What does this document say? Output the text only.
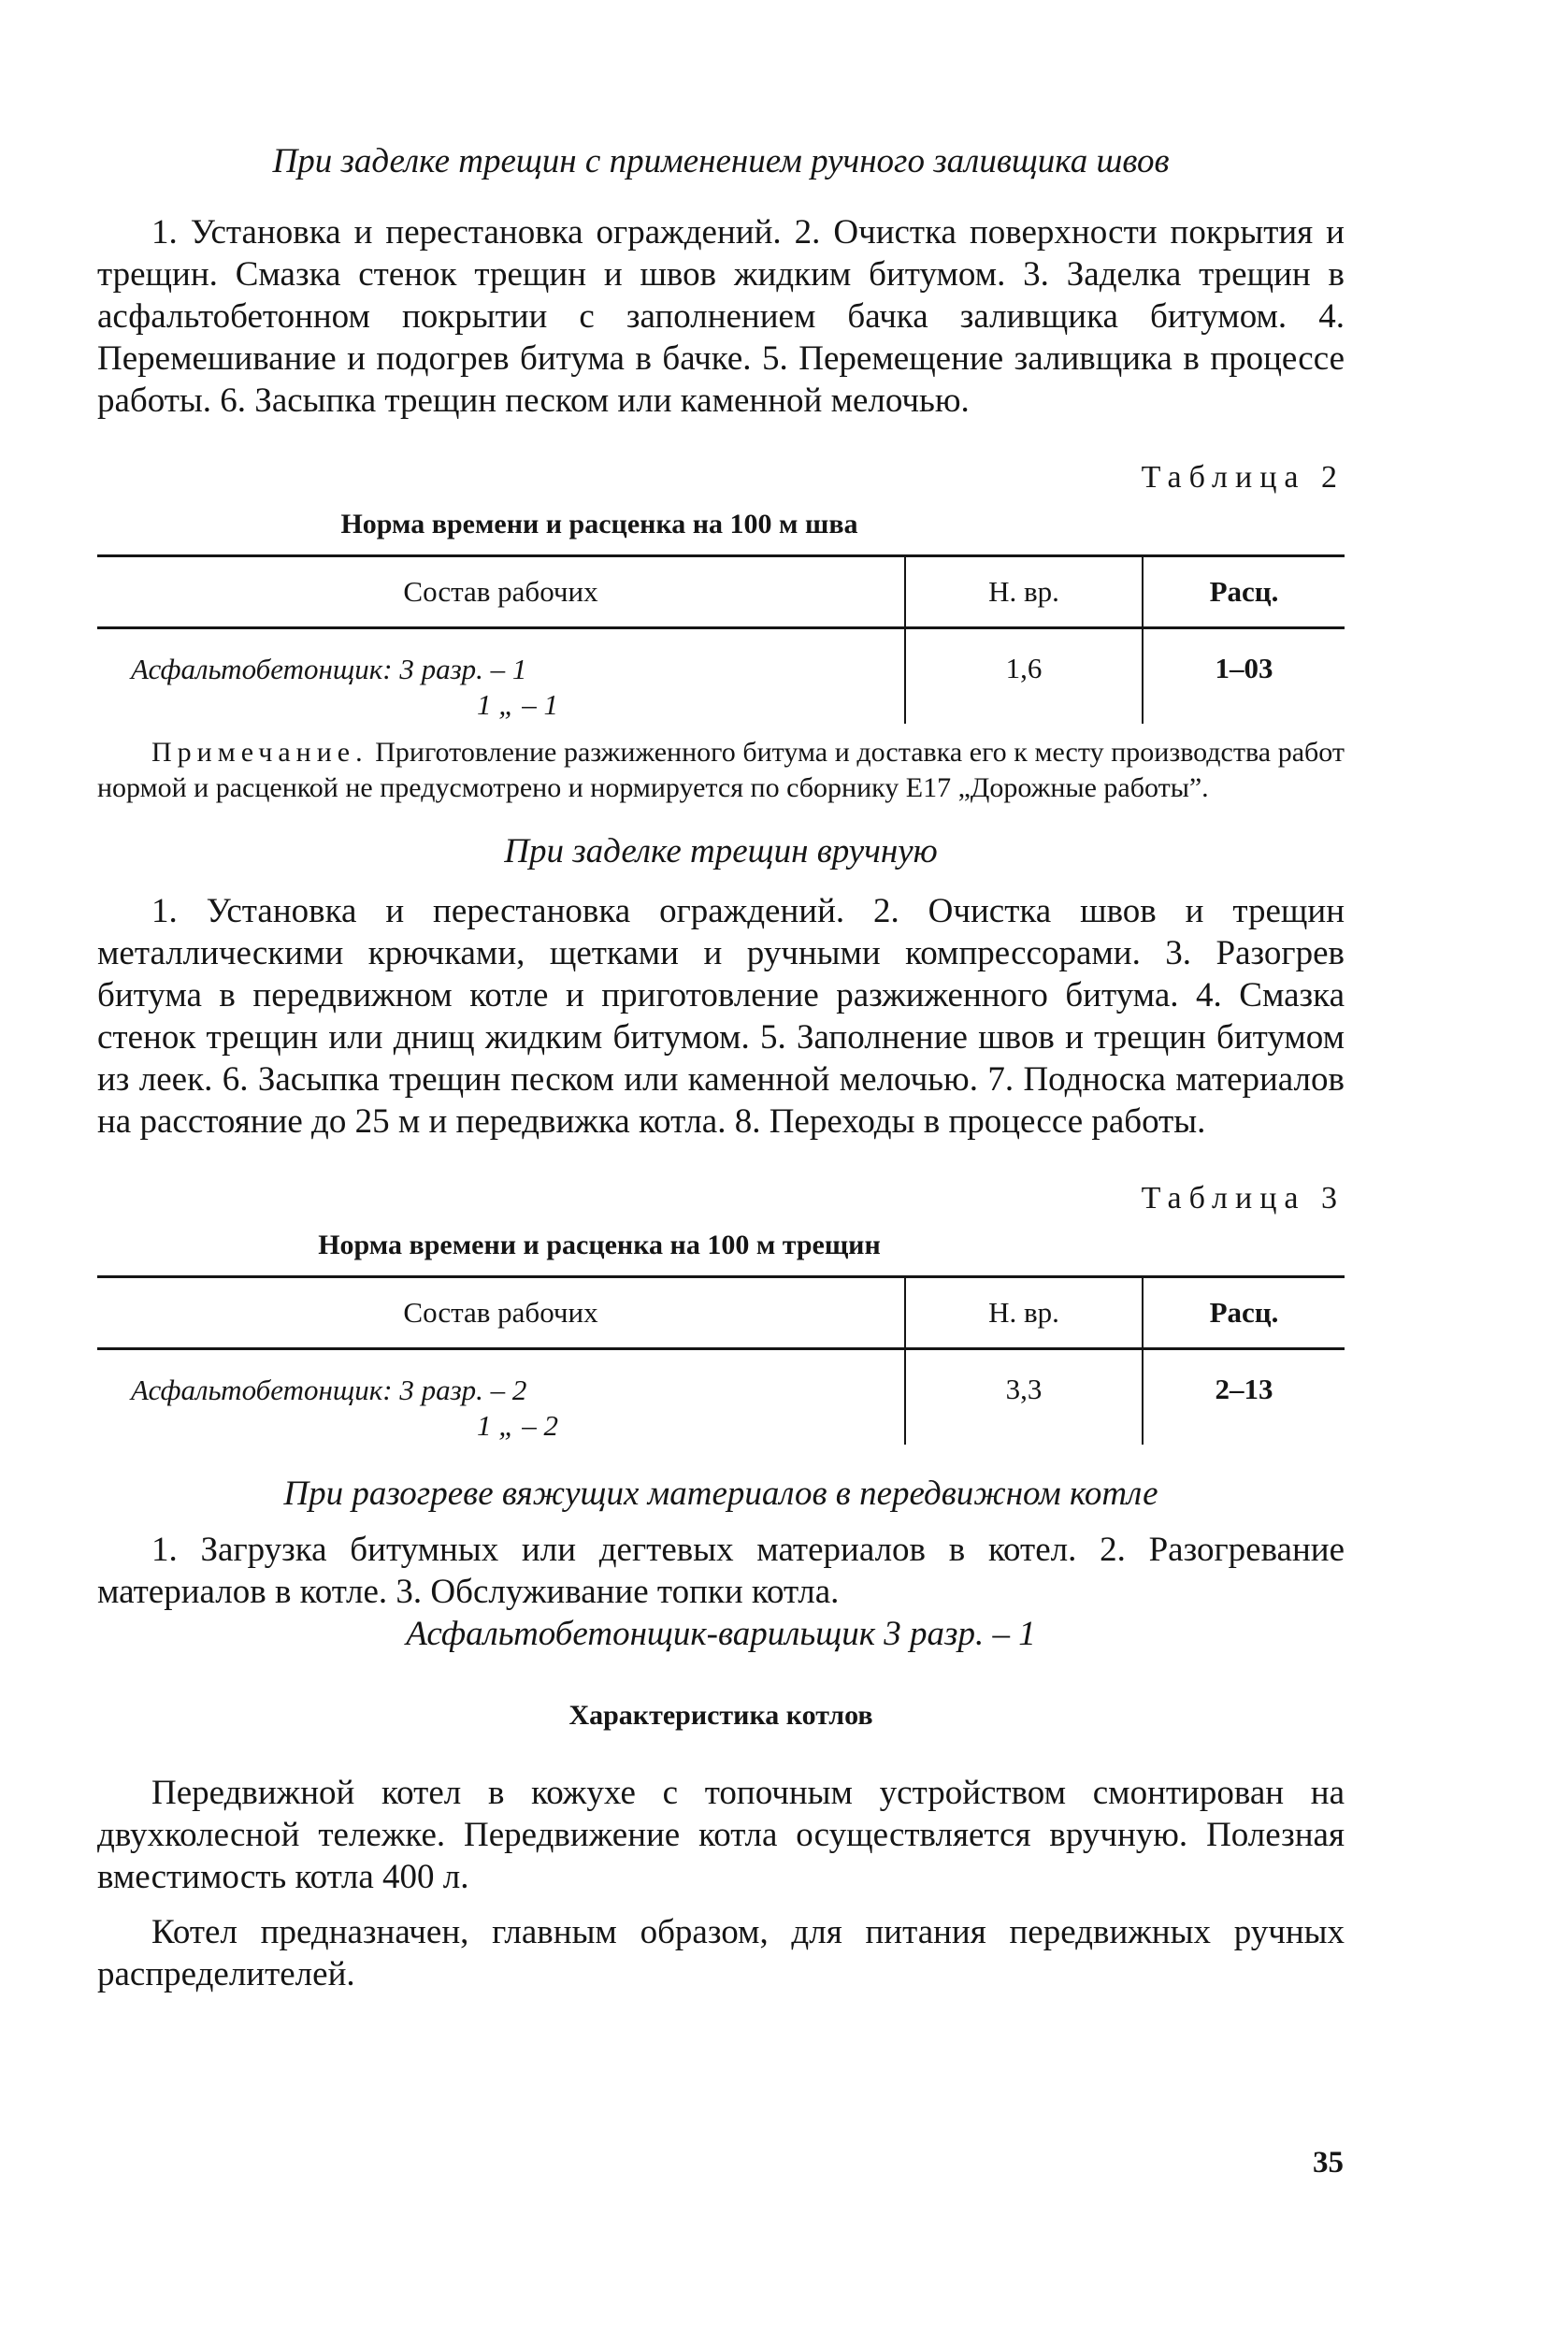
При заделке трещин с применением ручного заливщика швов

1. Установка и перестановка ограждений. 2. Очистка поверхности покрытия и трещин. Смазка стенок трещин и швов жидким битумом. 3. Заделка трещин в асфальтобетонном покрытии с заполнением бачка заливщика битумом. 4. Перемешивание и подогрев битума в бачке. 5. Перемещение заливщика в процессе работы. 6. Засыпка трещин песком или каменной мелочью.

Таблица 2

Норма времени и расценка на 100 м шва

Состав рабочих	Н. вр.	Расц.

Асфальтобетонщик: 3 разр. – 1
1 „ – 1	1,6	1–03

Примечание. Приготовление разжиженного битума и доставка его к месту производства работ нормой и расценкой не предусмотрено и нормируется по сборнику Е17 „Дорожные работы”.

При заделке трещин вручную

1. Установка и перестановка ограждений. 2. Очистка швов и трещин металлическими крючками, щетками и ручными компрессорами. 3. Разогрев битума в передвижном котле и приготовление разжиженного битума. 4. Смазка стенок трещин или днищ жидким битумом. 5. Заполнение швов и трещин битумом из леек. 6. Засыпка трещин песком или каменной мелочью. 7. Подноска материалов на расстояние до 25 м и передвижка котла. 8. Переходы в процессе работы.

Таблица 3

Норма времени и расценка на 100 м трещин

Состав рабочих	Н. вр.	Расц.

Асфальтобетонщик: 3 разр. – 2
1 „ – 2	3,3	2–13

При разогреве вяжущих материалов в передвижном котле

1. Загрузка битумных или дегтевых материалов в котел. 2. Разогревание материалов в котле. 3. Обслуживание топки котла.

Асфальтобетонщик-варильщик 3 разр. – 1

Характеристика котлов

Передвижной котел в кожухе с топочным устройством смонтирован на двухколесной тележке. Передвижение котла осуществляется вручную. Полезная вместимость котла 400 л.

Котел предназначен, главным образом, для питания передвижных ручных распределителей.

35
